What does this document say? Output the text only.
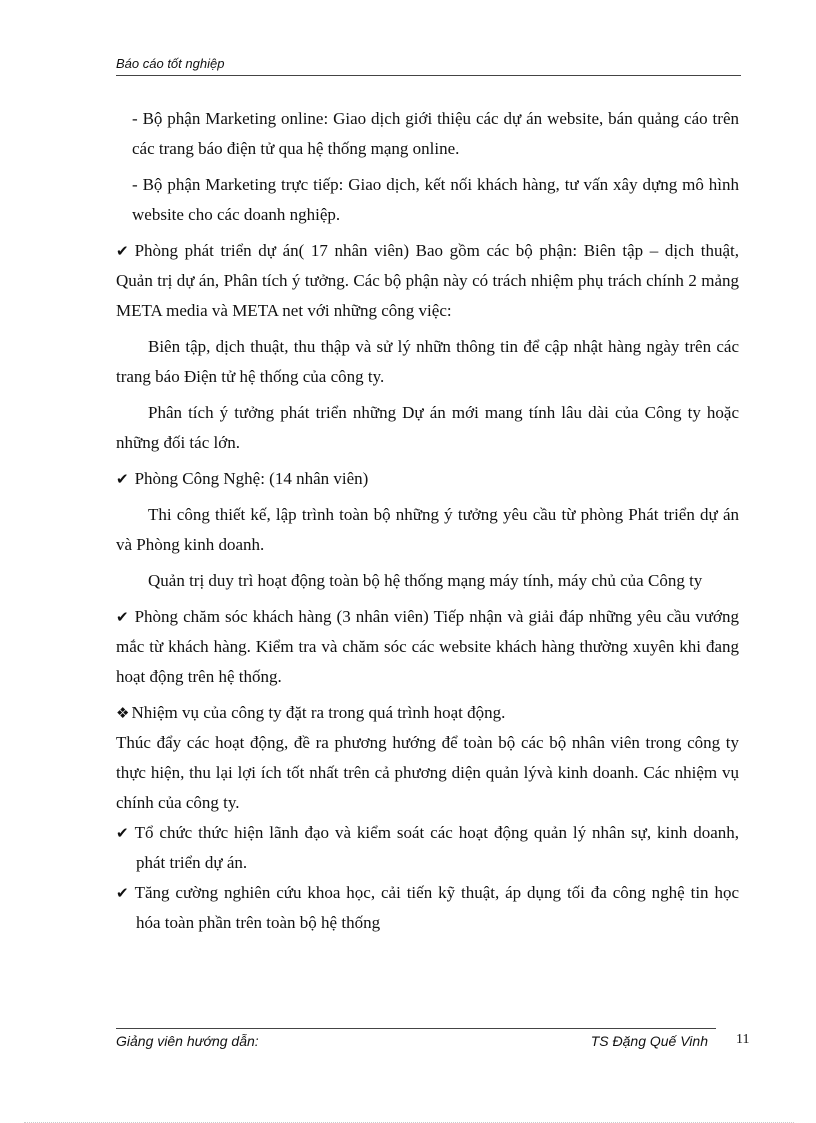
Báo cáo tốt nghiệp

- Bộ phận Marketing online: Giao dịch giới thiệu các dự án website, bán quảng cáo trên các trang báo điện tử qua hệ thống mạng online.

- Bộ phận Marketing trực tiếp: Giao dịch, kết nối khách hàng, tư vấn xây dựng mô hình website cho các doanh nghiệp.

✔ Phòng phát triển dự án( 17 nhân viên) Bao gồm các bộ phận: Biên tập – dịch thuật, Quản trị dự án, Phân tích ý tưởng. Các bộ phận này có trách nhiệm phụ trách chính 2 mảng META media và META net với những công việc:

Biên tập, dịch thuật, thu thập và sử lý nhữn thông tin để cập nhật hàng ngày trên các trang báo Điện tử hệ thống của công ty.

Phân tích ý tưởng phát triển những Dự án mới mang tính lâu dài của Công ty hoặc những đối tác lớn.

✔ Phòng Công Nghệ: (14 nhân viên)

Thi công thiết kế, lập trình toàn bộ những ý tưởng yêu cầu từ phòng Phát triển dự án và Phòng kinh doanh.

Quản trị duy trì hoạt động toàn bộ hệ thống mạng máy tính, máy chủ của Công ty

✔ Phòng chăm sóc khách hàng (3 nhân viên) Tiếp nhận và giải đáp những yêu cầu vướng mắc từ khách hàng. Kiểm tra và chăm sóc các website khách hàng thường xuyên khi đang hoạt động trên hệ thống.

❖ Nhiệm vụ của công ty đặt ra trong quá trình hoạt động.

Thúc đẩy các hoạt động, đề ra phương hướng để toàn bộ các bộ nhân viên trong công ty thực hiện, thu lại lợi ích tốt nhất trên cả phương diện quản lývà kinh doanh. Các nhiệm vụ chính của công ty.

✔ Tổ chức thức hiện lãnh đạo và kiểm soát các hoạt động quản lý nhân sự, kinh doanh, phát triển dự án.

✔ Tăng cường nghiên cứu khoa học, cải tiến kỹ thuật, áp dụng tối đa công nghệ tin học hóa toàn phần trên toàn bộ hệ thống

Giảng viên hướng dẫn:	TS Đặng Quế Vinh 11
